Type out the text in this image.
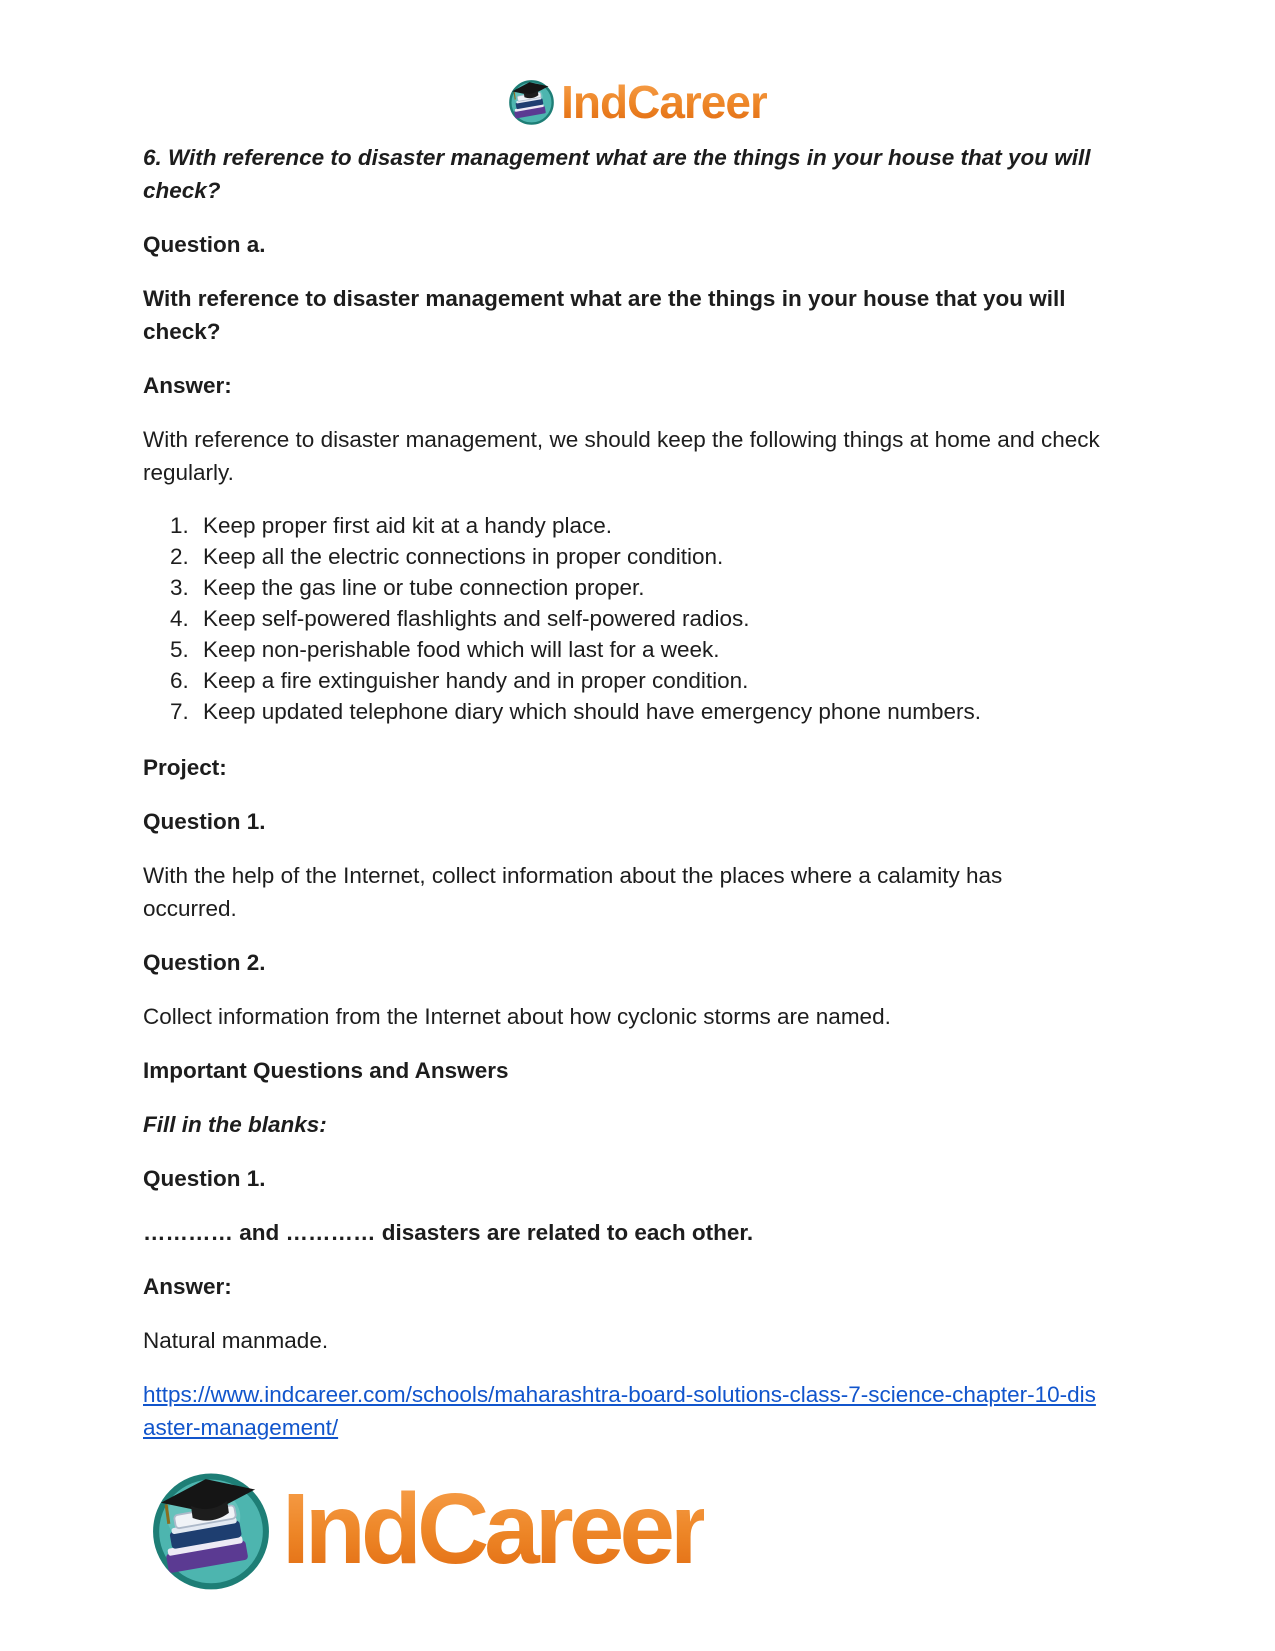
IndCareer

6. With reference to disaster management what are the things in your house that you will
check?

Question a.

With reference to disaster management what are the things in your house that you will
check?

Answer:

With reference to disaster management, we should keep the following things at home and check
regularly.

1. Keep proper first aid kit at a handy place.
2. Keep all the electric connections in proper condition.
3. Keep the gas line or tube connection proper.
4. Keep self-powered flashlights and self-powered radios.
5. Keep non-perishable food which will last for a week.
6. Keep a fire extinguisher handy and in proper condition.
7. Keep updated telephone diary which should have emergency phone numbers.

Project:

Question 1.

With the help of the Internet, collect information about the places where a calamity has
occurred.

Question 2.

Collect information from the Internet about how cyclonic storms are named.

Important Questions and Answers

Fill in the blanks:

Question 1.

………… and ………… disasters are related to each other.

Answer:

Natural manmade.

https://www.indcareer.com/schools/maharashtra-board-solutions-class-7-science-chapter-10-dis
aster-management/

IndCareer
